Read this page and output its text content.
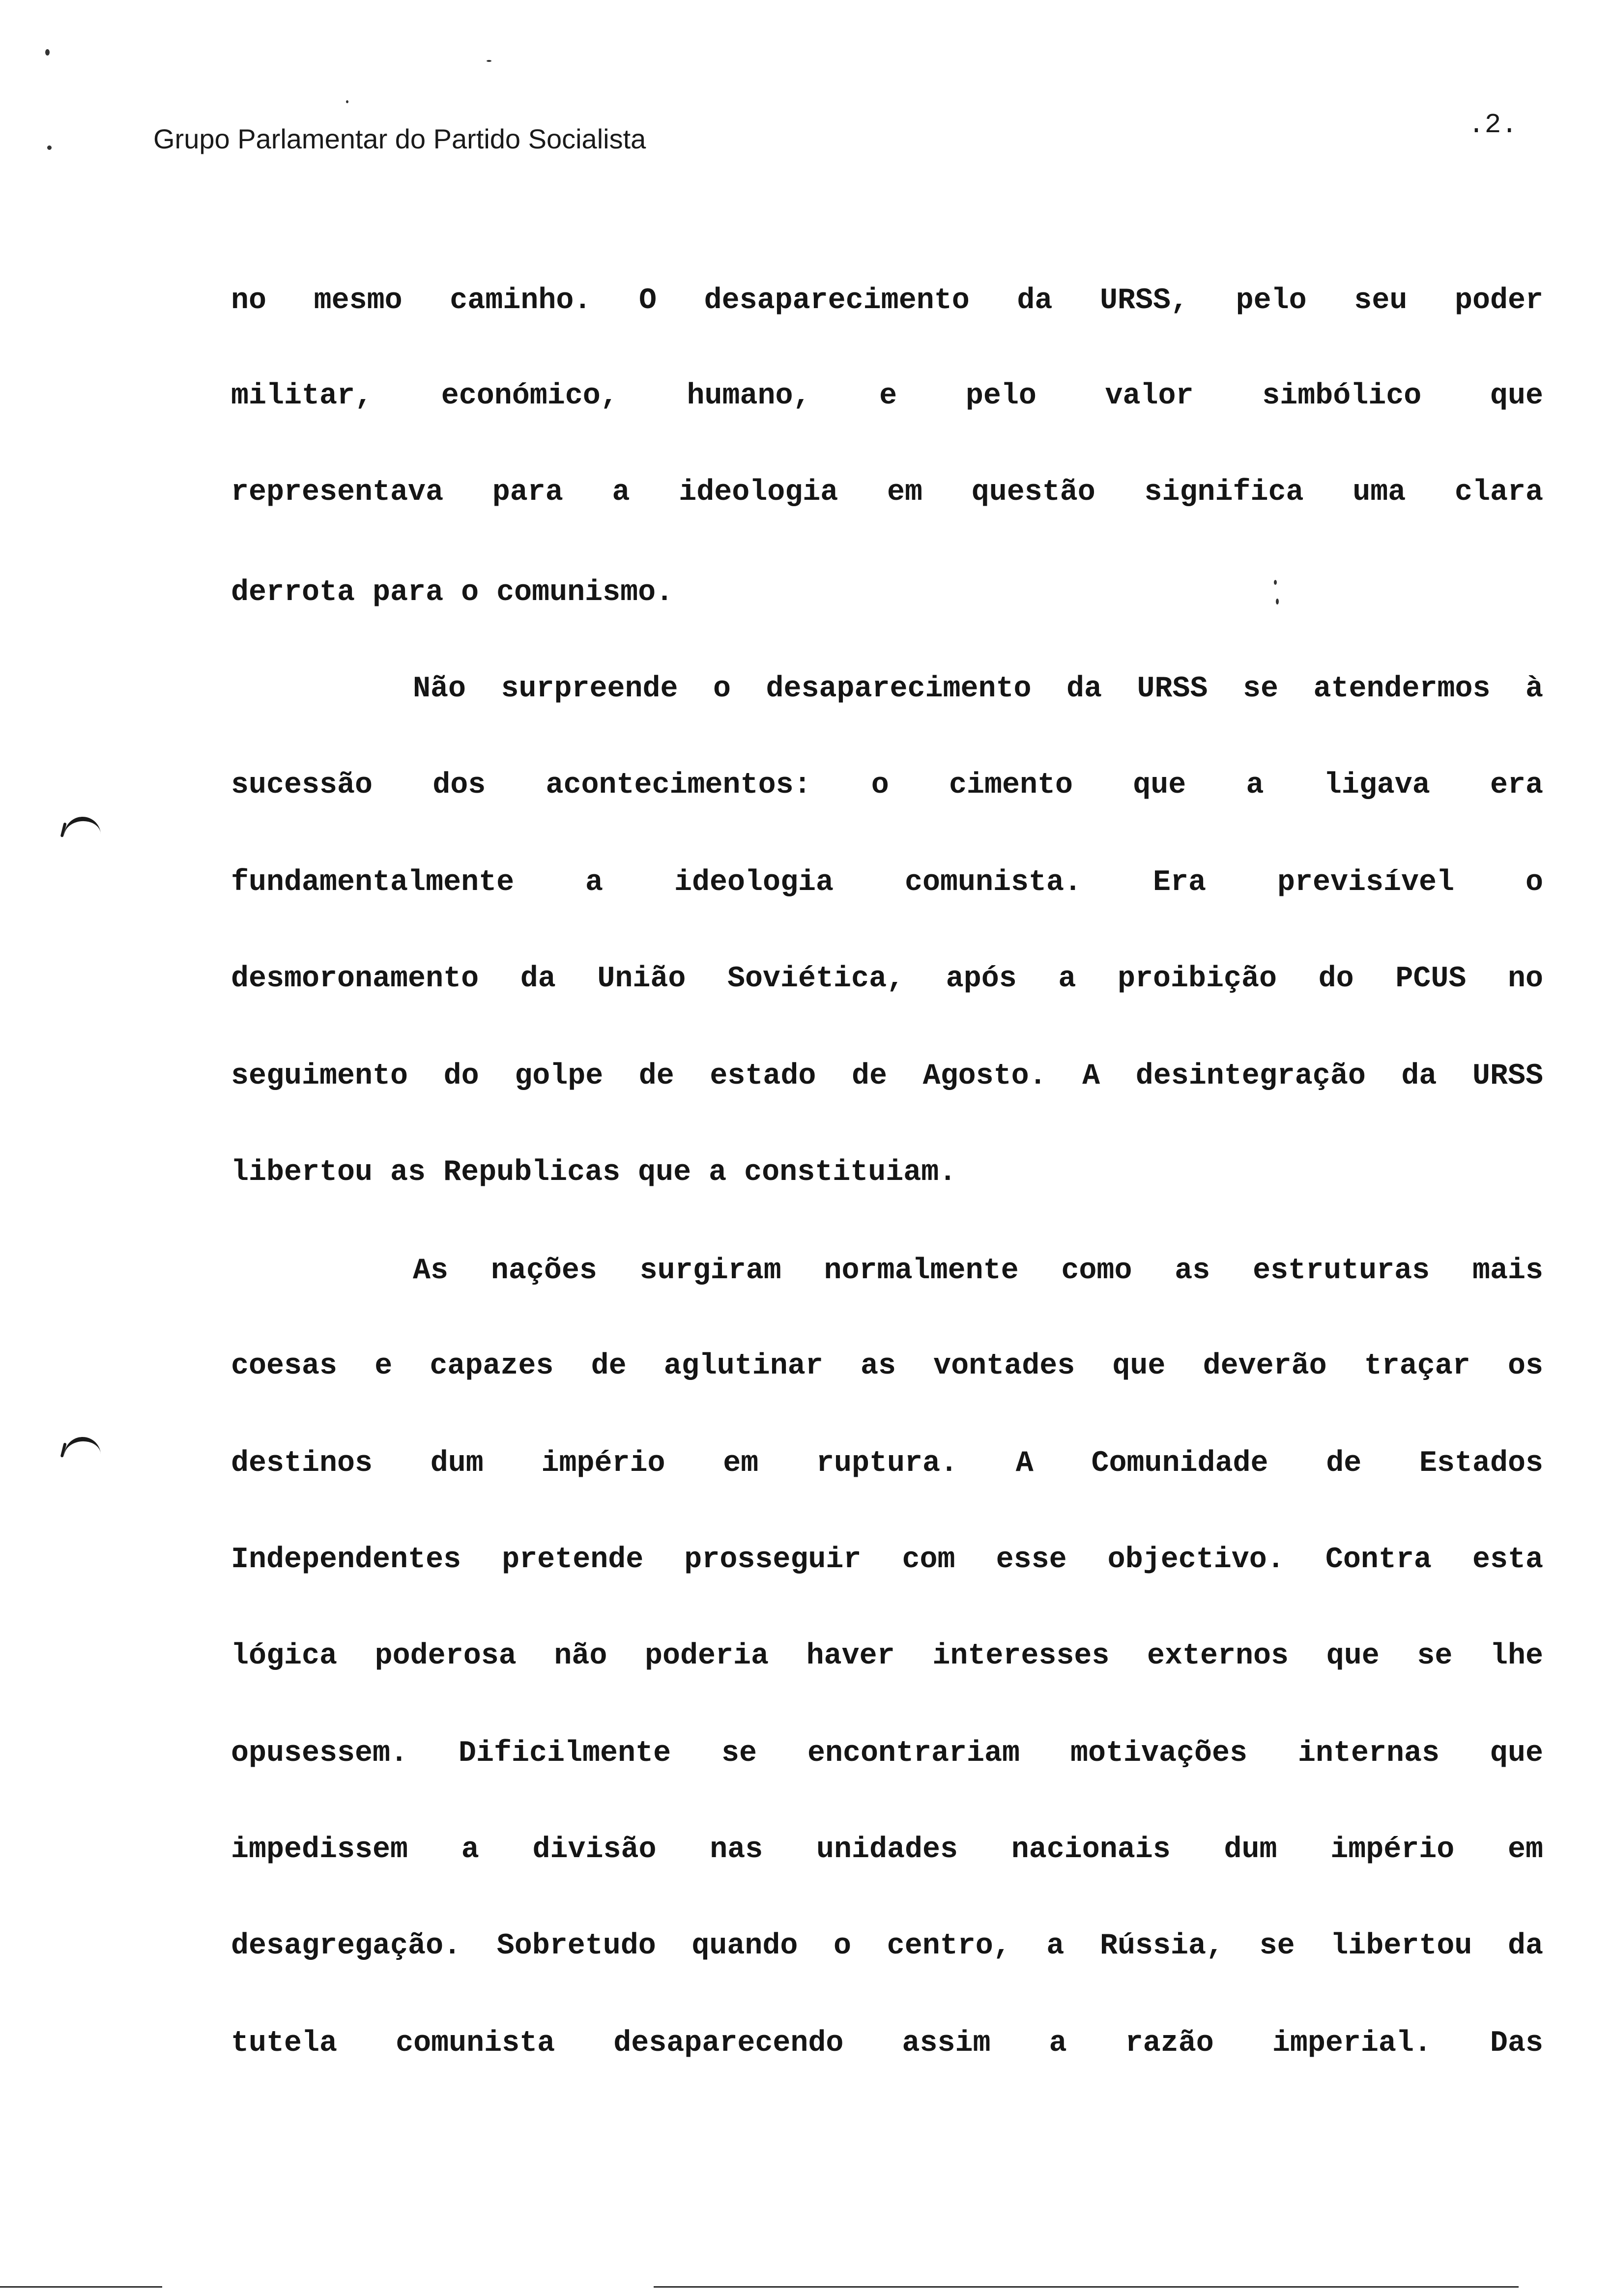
Grupo Parlamentar do Partido Socialista	.2.
no mesmo caminho. O desaparecimento da URSS, pelo seu poder
militar, económico, humano, e pelo valor simbólico que
representava para a ideologia em questão significa uma clara
derrota para o comunismo.
Não surpreende o desaparecimento da URSS se atendermos à
sucessão dos acontecimentos: o cimento que a ligava era
fundamentalmente a ideologia comunista. Era previsível o
desmoronamento da União Soviética, após a proibição do PCUS no
seguimento do golpe de estado de Agosto. A desintegração da URSS
libertou as Republicas que a constituiam.
As nações surgiram normalmente como as estruturas mais
coesas e capazes de aglutinar as vontades que deverão traçar os
destinos dum império em ruptura. A Comunidade de Estados
Independentes pretende prosseguir com esse objectivo. Contra esta
lógica poderosa não poderia haver interesses externos que se lhe
opusessem. Dificilmente se encontrariam motivações internas que
impedissem a divisão nas unidades nacionais dum império em
desagregação. Sobretudo quando o centro, a Rússia, se libertou da
tutela comunista desaparecendo assim a razão imperial. Das
